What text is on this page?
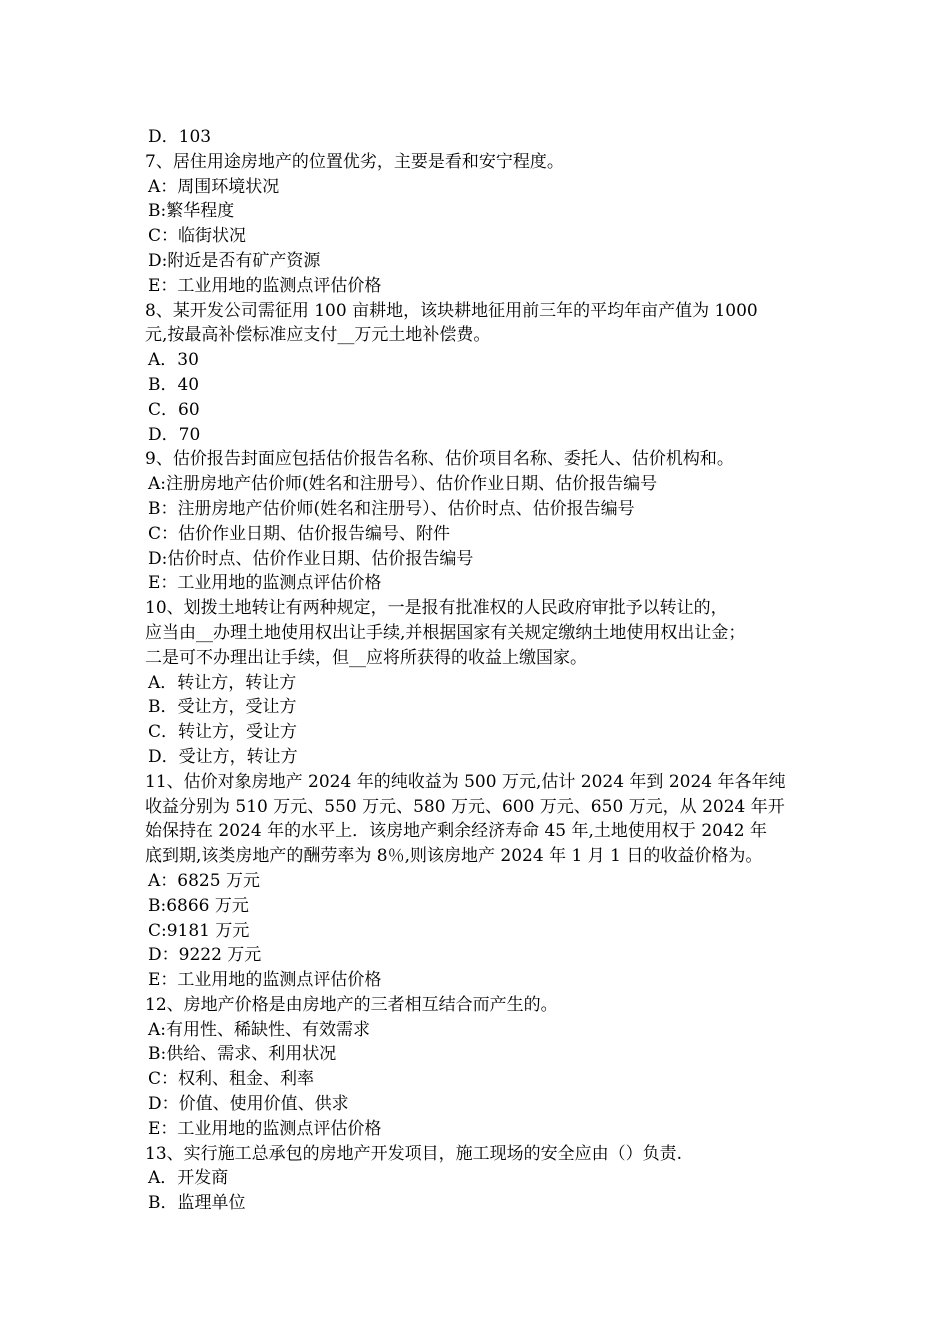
D．103
7、居住用途房地产的位置优劣，主要是看和安宁程度。
A：周围环境状况
B:繁华程度
C：临街状况
D:附近是否有矿产资源
E：工业用地的监测点评估价格
8、某开发公司需征用 100 亩耕地，该块耕地征用前三年的平均年亩产值为 1000
元,按最高补偿标准应支付__万元土地补偿费。
A．30
B．40
C．60
D．70
9、估价报告封面应包括估价报告名称、估价项目名称、委托人、估价机构和。
A:注册房地产估价师(姓名和注册号）、估价作业日期、估价报告编号
B：注册房地产估价师(姓名和注册号）、估价时点、估价报告编号
C：估价作业日期、估价报告编号、附件
D:估价时点、估价作业日期、估价报告编号
E：工业用地的监测点评估价格
10、划拨土地转让有两种规定，一是报有批准权的人民政府审批予以转让的，
应当由__办理土地使用权出让手续,并根据国家有关规定缴纳土地使用权出让金；
二是可不办理出让手续，但__应将所获得的收益上缴国家。
A．转让方，转让方
B．受让方，受让方
C．转让方，受让方
D．受让方，转让方
11、估价对象房地产 2024 年的纯收益为 500 万元,估计 2024 年到 2024 年各年纯
收益分别为 510 万元、550 万元、580 万元、600 万元、650 万元，从 2024 年开
始保持在 2024 年的水平上．该房地产剩余经济寿命 45 年,土地使用权于 2042 年
底到期,该类房地产的酬劳率为 8％,则该房地产 2024 年 1 月 1 日的收益价格为。
A：6825 万元
B:6866 万元
C:9181 万元
D：9222 万元
E：工业用地的监测点评估价格
12、房地产价格是由房地产的三者相互结合而产生的。
A:有用性、稀缺性、有效需求
B:供给、需求、利用状况
C：权利、租金、利率
D：价值、使用价值、供求
E：工业用地的监测点评估价格
13、实行施工总承包的房地产开发项目，施工现场的安全应由（）负责.
A．开发商
B．监理单位
